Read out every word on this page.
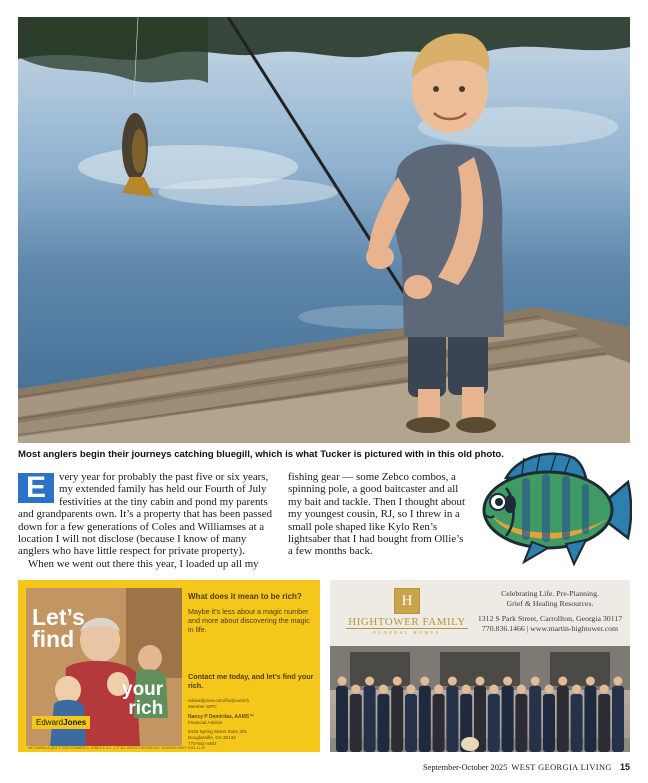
Most anglers begin their journeys catching bluegill, which is what Tucker is pictured with in this old photo.

E	very year for probably the past five or six years, my extended family has held our Fourth of July festivities at the tiny cabin and pond my parents and grandparents own. It’s a property that has been passed down for a few generations of Coles and Williamses at a location I will not disclose (because I know of many anglers who have little respect for private property).

When we went out there this year, I loaded up all my

fishing gear — some Zebco combos, a spinning pole, a good baitcaster and all my bait and tackle. Then I thought about my youngest cousin, RJ, so I threw in a small pole shaped like Kylo Ren’s lightsaber that I had bought from Ollie’s a few months back.
Let’s
find
your
rich
EdwardJones
What does it mean to be rich?
Maybe it’s less about a magic number and more about discovering the magic in life.
Contact me today, and let’s find your rich.
edwardjones.com/findyourrich
Member SIPC
Nancy P Demiritas, AAMS™
Financial Advisor
6446 Spring Street Suite 201
Douglasville, GA 30134
770-942-4462
MKT-5894O-A-AD2 © 2024 EDWARD D. JONES & CO., L.P. ALL RIGHTS RESERVED. 26189910 DMFY 2024-11-09
H
HIGHTOWER FAMILY
FUNERAL HOMES
Celebrating Life. Pre-Planning.
Grief & Healing Resources.
1312 S Park Street, Carrollton, Georgia 30117
770.836.1466 | www.martin-hightower.com
September-October 2025 WEST GEORGIA LIVING 15
